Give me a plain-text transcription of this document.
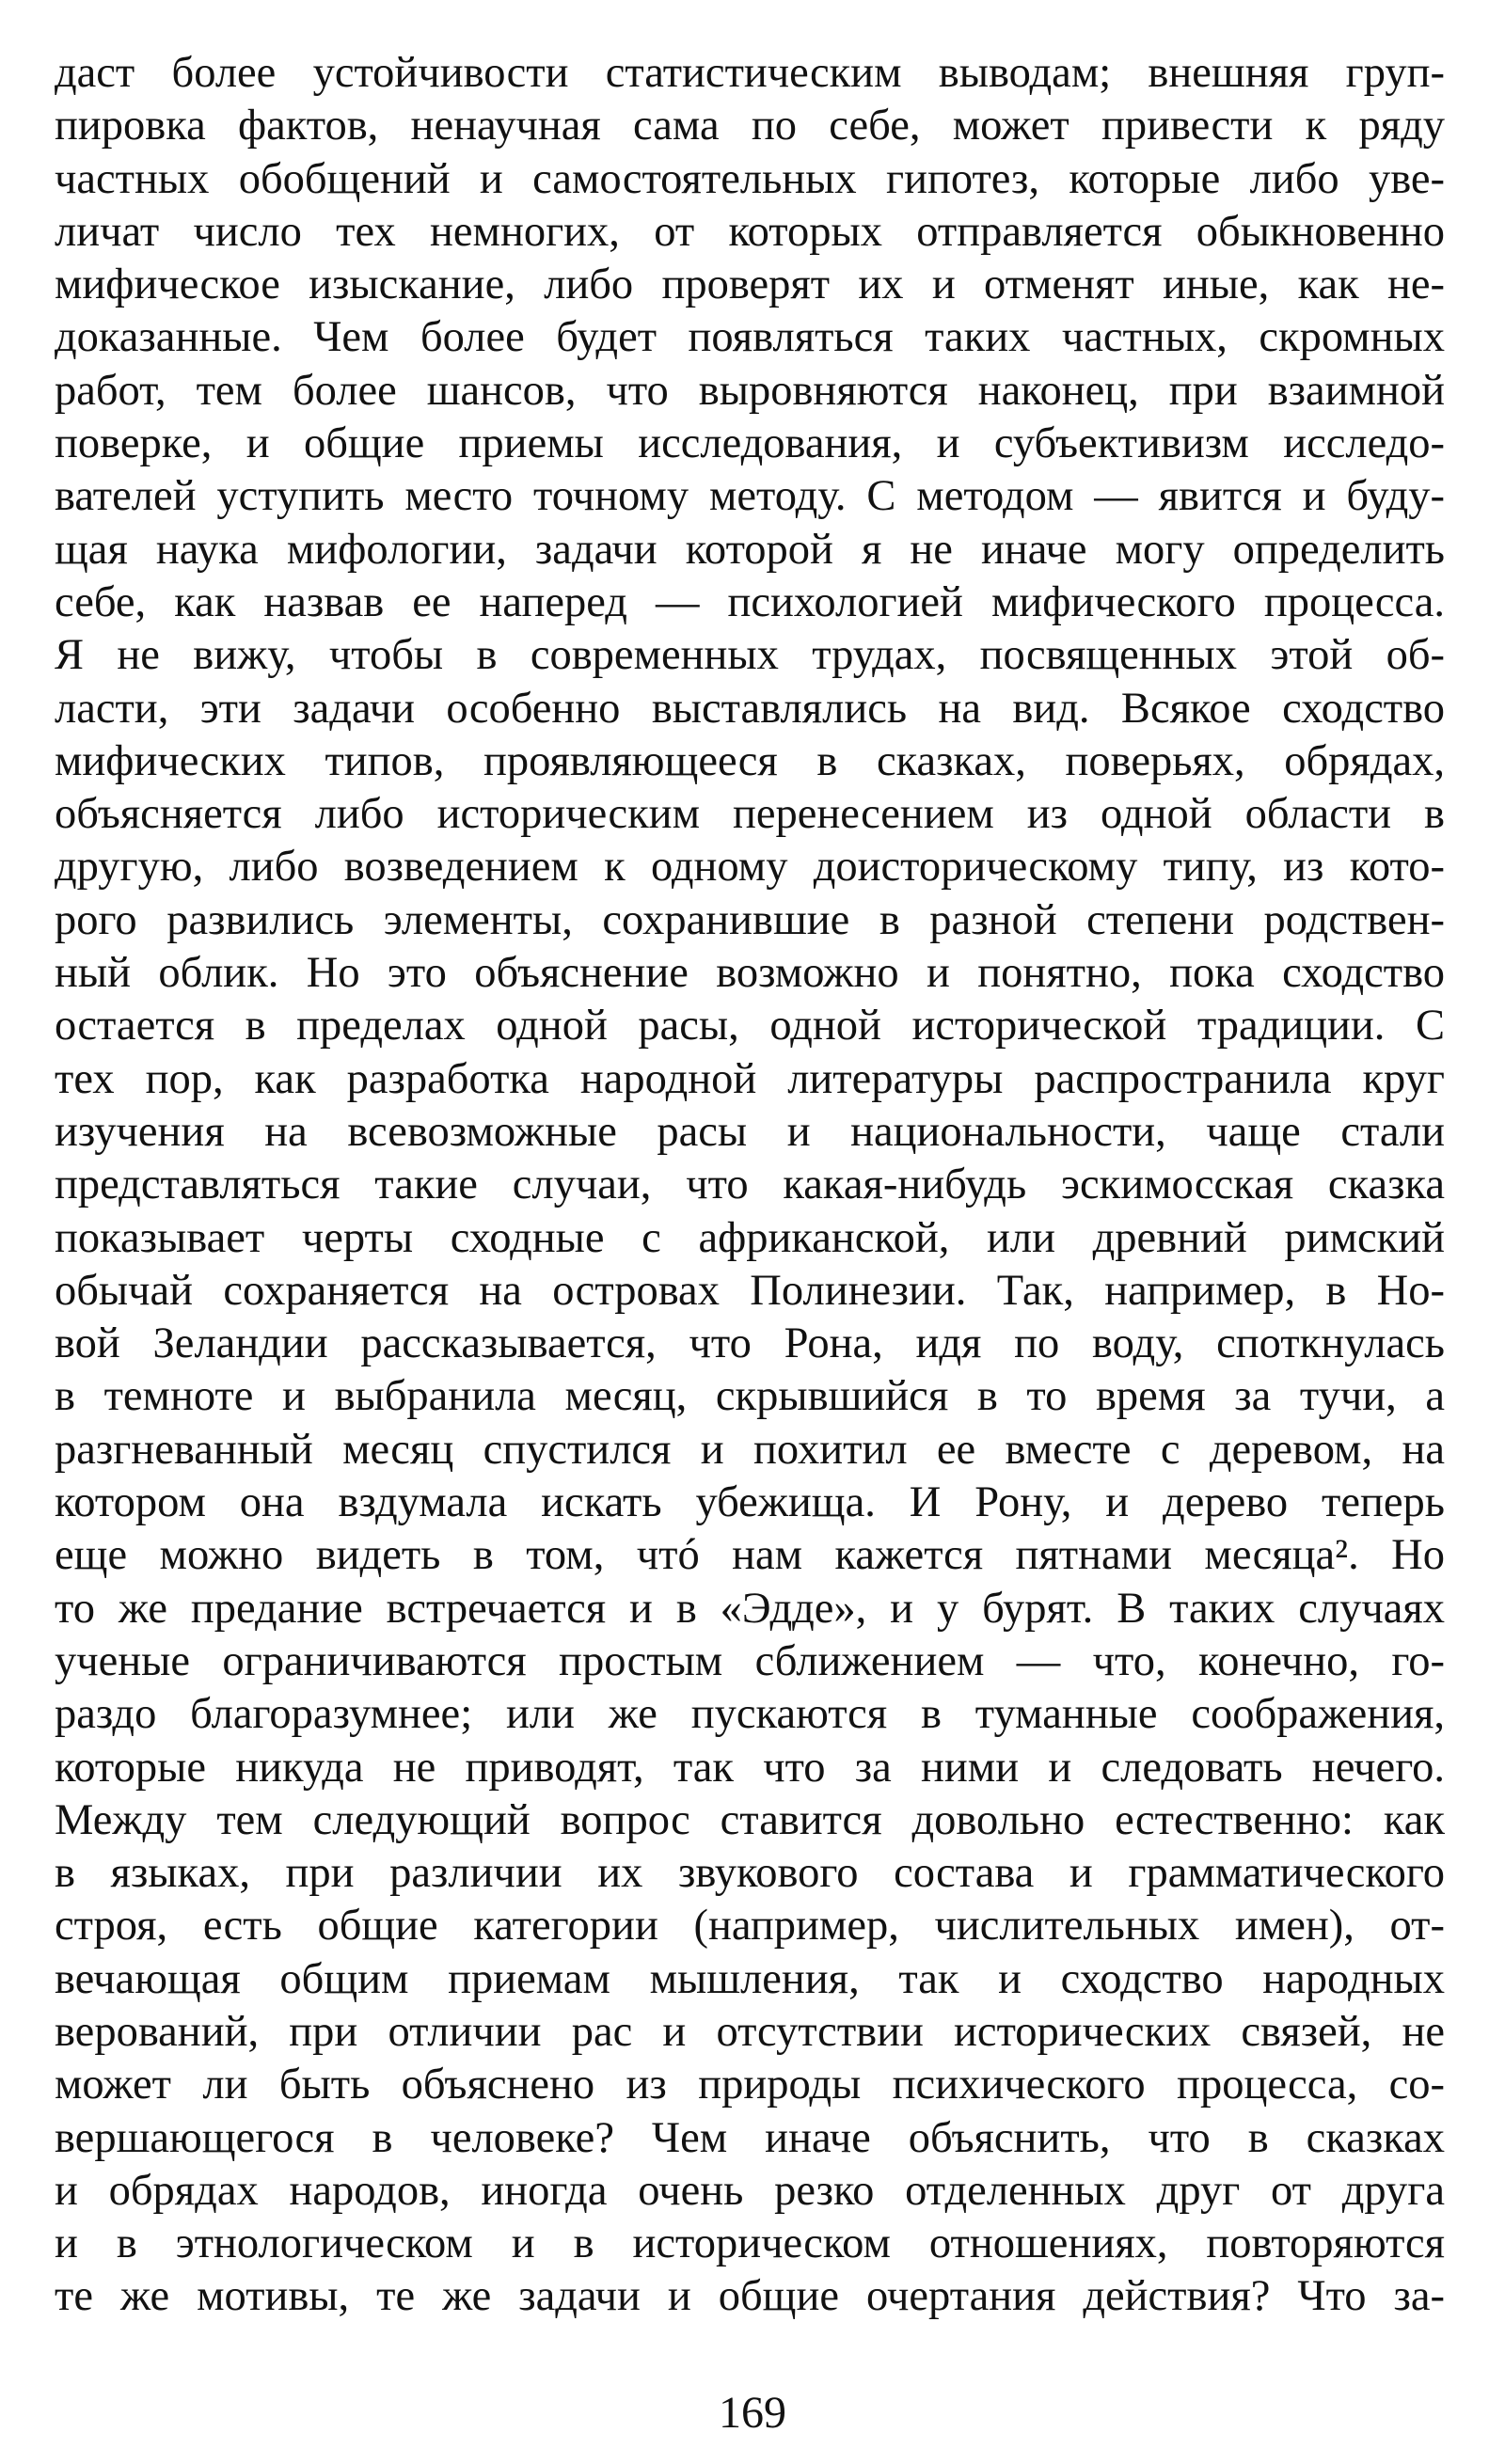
даст более устойчивости статистическим выводам; внешняя груп-
пировка фактов, ненаучная сама по себе, может привести к ряду
частных обобщений и самостоятельных гипотез, которые либо уве-
личат число тех немногих, от которых отправляется обыкновенно
мифическое изыскание, либо проверят их и отменят иные, как не-
доказанные. Чем более будет появляться таких частных, скромных
работ, тем более шансов, что выровняются наконец, при взаимной
поверке, и общие приемы исследования, и субъективизм исследо-
вателей уступить место точному методу. С методом — явится и буду-
щая наука мифологии, задачи которой я не иначе могу определить
себе, как назвав ее наперед — психологией мифического процесса.
Я не вижу, чтобы в современных трудах, посвященных этой об-
ласти, эти задачи особенно выставлялись на вид. Всякое сходство
мифических типов, проявляющееся в сказках, поверьях, обрядах,
объясняется либо историческим перенесением из одной области в
другую, либо возведением к одному доисторическому типу, из кото-
рого развились элементы, сохранившие в разной степени родствен-
ный облик. Но это объяснение возможно и понятно, пока сходство
остается в пределах одной расы, одной исторической традиции. С
тех пор, как разработка народной литературы распространила круг
изучения на всевозможные расы и национальности, чаще стали
представляться такие случаи, что какая-нибудь эскимосская сказка
показывает черты сходные с африканской, или древний римский
обычай сохраняется на островах Полинезии. Так, например, в Но-
вой Зеландии рассказывается, что Рона, идя по воду, споткнулась
в темноте и выбранила месяц, скрывшийся в то время за тучи, а
разгневанный месяц спустился и похитил ее вместе с деревом, на
котором она вздумала искать убежища. И Рону, и дерево теперь
еще можно видеть в том, чтó нам кажется пятнами месяца². Но
то же предание встречается и в «Эдде», и у бурят. В таких случаях
ученые ограничиваются простым сближением — что, конечно, го-
раздо благоразумнее; или же пускаются в туманные соображения,
которые никуда не приводят, так что за ними и следовать нечего.
Между тем следующий вопрос ставится довольно естественно: как
в языках, при различии их звукового состава и грамматического
строя, есть общие категории (например, числительных имен), от-
вечающая общим приемам мышления, так и сходство народных
верований, при отличии рас и отсутствии исторических связей, не
может ли быть объяснено из природы психического процесса, со-
вершающегося в человеке? Чем иначе объяснить, что в сказках
и обрядах народов, иногда очень резко отделенных друг от друга
и в этнологическом и в историческом отношениях, повторяются
те же мотивы, те же задачи и общие очертания действия? Что за-
169
